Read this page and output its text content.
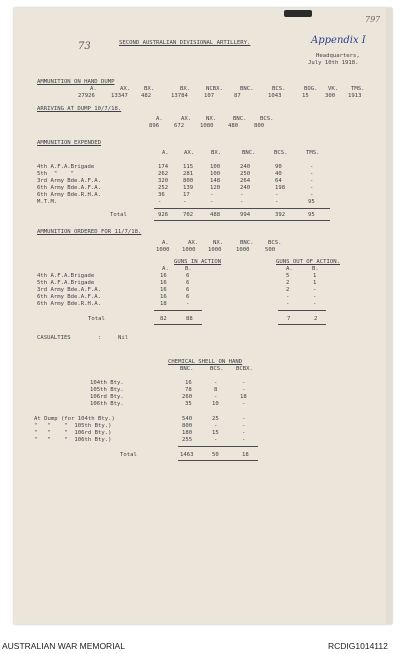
73
Appendix I
797
SECOND AUSTRALIAN DIVISIONAL ARTILLERY.
Headquarters,
July 10th 1918.
AMMUNITION ON HAND DUMP
A.	AX. BX.	BX.	NCBX.	BNC.	BCS.	BOG. VK. TMS.
27926	13347 482	13784	107	87	1043	15	300 1913
ARRIVING AT DUMP 10/7/18.
A.	AX.	NX.	BNC. BCS.
896	672	1080	480	800
AMMUNITION EXPENDED
A.	AX.	BX.	BNC.	BCS.	TMS.
4th A.F.A.Brigade	174	115	100	240	90	-
5th  "    "	262	281	100	250	40	-
3rd Army Bde.A.F.A.	320	800	148	264	64	-
6th Army Bde.A.F.A.	252	139	120	240	198	-
6th Army Bde.R.H.A.	36	17	-	-	-	-
M.T.M.	-	-	-	-	-	95
Total	926	702	488	994	392	95
AMMUNITION ORDERED FOR 11/7/18.
A.	AX.	NX.	BNC.	BCS.
1000 1000 1000	1000	500
GUNS IN ACTION	GUNS OUT OF ACTION.
A.	B.	A.	B.
4th A.F.A.Brigade	16	6	5	1
5th A.F.A.Brigade	16	6	2	1
3rd Army Bde.A.F.A.	16	6	2	-
6th Army Bde.A.F.A.	16	6	-	-
6th Army Bde.R.H.A.	18	-	-	-
Total	82	88	7	2
CASUALTIES	:	Nil
CHEMICAL SHELL ON HAND
BNC.	BCS. BCBX.
104th Bty.	16	-	-
105th Bty.	78	8	-
106rd Bty.	260	-	18
106th Bty.	35	10	-
At Dump (for 104th Bty.)	540	25	-
"   "    "  105th Bty.)	800	-	-
"   "    "  106rd Bty.)	180	15	-
"   "    "  106th Bty.)	255	-	-
Total	1463	50	18
AUSTRALIAN WAR MEMORIAL	RCDIG1014112
